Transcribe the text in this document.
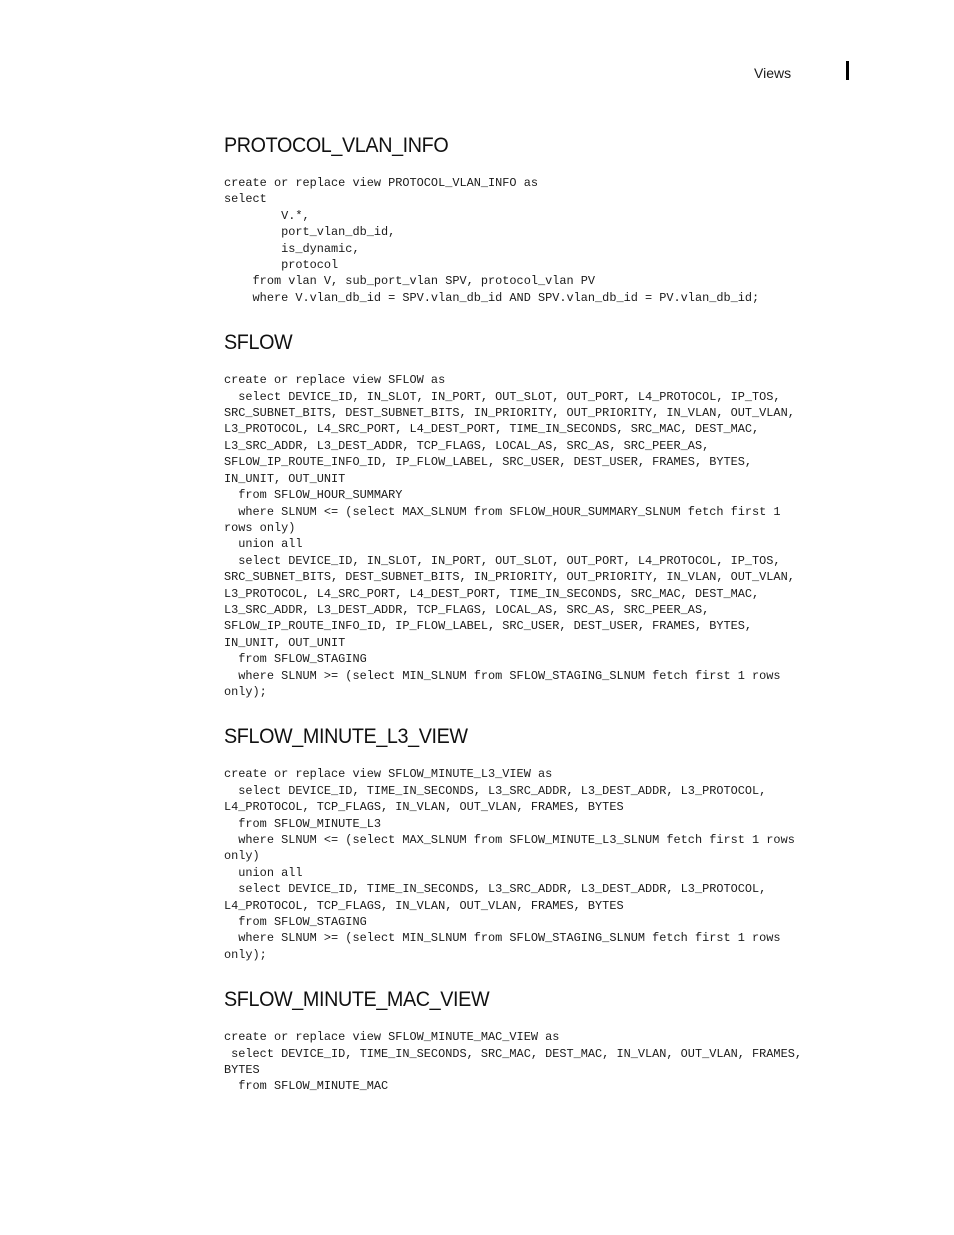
Views
PROTOCOL_VLAN_INFO
create or replace view PROTOCOL_VLAN_INFO as
select
V.*,
port_vlan_db_id,
is_dynamic,
protocol
from vlan V, sub_port_vlan SPV, protocol_vlan PV
where V.vlan_db_id = SPV.vlan_db_id AND SPV.vlan_db_id = PV.vlan_db_id;
SFLOW
create or replace view SFLOW as
select DEVICE_ID, IN_SLOT, IN_PORT, OUT_SLOT, OUT_PORT, L4_PROTOCOL, IP_TOS,
SRC_SUBNET_BITS, DEST_SUBNET_BITS, IN_PRIORITY, OUT_PRIORITY, IN_VLAN, OUT_VLAN,
L3_PROTOCOL, L4_SRC_PORT, L4_DEST_PORT, TIME_IN_SECONDS, SRC_MAC, DEST_MAC,
L3_SRC_ADDR, L3_DEST_ADDR, TCP_FLAGS, LOCAL_AS, SRC_AS, SRC_PEER_AS,
SFLOW_IP_ROUTE_INFO_ID, IP_FLOW_LABEL, SRC_USER, DEST_USER, FRAMES, BYTES,
IN_UNIT, OUT_UNIT
from SFLOW_HOUR_SUMMARY
where SLNUM <= (select MAX_SLNUM from SFLOW_HOUR_SUMMARY_SLNUM fetch first 1
rows only)
union all
select DEVICE_ID, IN_SLOT, IN_PORT, OUT_SLOT, OUT_PORT, L4_PROTOCOL, IP_TOS,
SRC_SUBNET_BITS, DEST_SUBNET_BITS, IN_PRIORITY, OUT_PRIORITY, IN_VLAN, OUT_VLAN,
L3_PROTOCOL, L4_SRC_PORT, L4_DEST_PORT, TIME_IN_SECONDS, SRC_MAC, DEST_MAC,
L3_SRC_ADDR, L3_DEST_ADDR, TCP_FLAGS, LOCAL_AS, SRC_AS, SRC_PEER_AS,
SFLOW_IP_ROUTE_INFO_ID, IP_FLOW_LABEL, SRC_USER, DEST_USER, FRAMES, BYTES,
IN_UNIT, OUT_UNIT
from SFLOW_STAGING
where SLNUM >= (select MIN_SLNUM from SFLOW_STAGING_SLNUM fetch first 1 rows
only);
SFLOW_MINUTE_L3_VIEW
create or replace view SFLOW_MINUTE_L3_VIEW as
select DEVICE_ID, TIME_IN_SECONDS, L3_SRC_ADDR, L3_DEST_ADDR, L3_PROTOCOL,
L4_PROTOCOL, TCP_FLAGS, IN_VLAN, OUT_VLAN, FRAMES, BYTES
from SFLOW_MINUTE_L3
where SLNUM <= (select MAX_SLNUM from SFLOW_MINUTE_L3_SLNUM fetch first 1 rows
only)
union all
select DEVICE_ID, TIME_IN_SECONDS, L3_SRC_ADDR, L3_DEST_ADDR, L3_PROTOCOL,
L4_PROTOCOL, TCP_FLAGS, IN_VLAN, OUT_VLAN, FRAMES, BYTES
from SFLOW_STAGING
where SLNUM >= (select MIN_SLNUM from SFLOW_STAGING_SLNUM fetch first 1 rows
only);
SFLOW_MINUTE_MAC_VIEW
create or replace view SFLOW_MINUTE_MAC_VIEW as
select DEVICE_ID, TIME_IN_SECONDS, SRC_MAC, DEST_MAC, IN_VLAN, OUT_VLAN, FRAMES,
BYTES
from SFLOW_MINUTE_MAC
